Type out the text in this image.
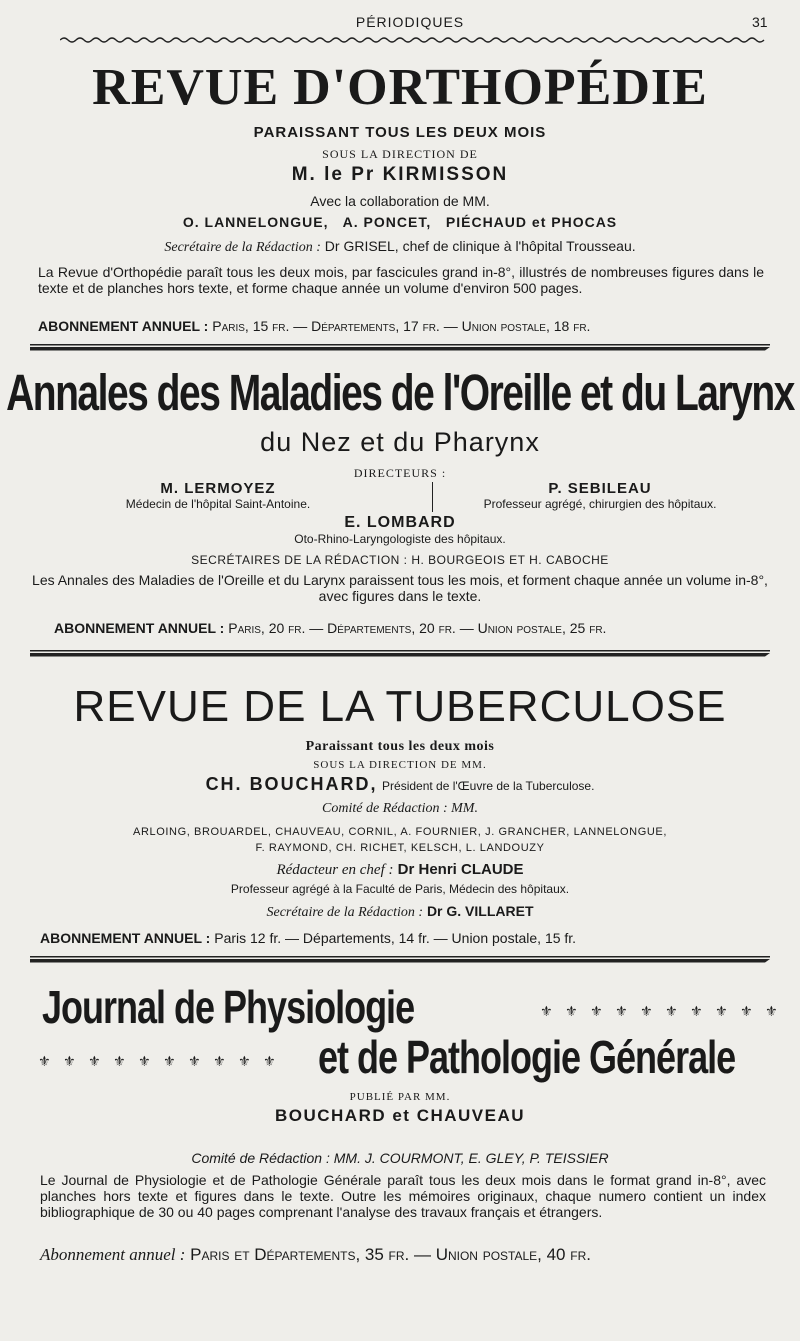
PÉRIODIQUES	31
REVUE D'ORTHOPÉDIE
PARAISSANT TOUS LES DEUX MOIS
SOUS LA DIRECTION DE
M. le Pr KIRMISSON
Avec la collaboration de MM.
O. LANNELONGUE,   A. PONCET,   PIÉCHAUD et PHOCAS
Secrétaire de la Rédaction : Dr GRISEL, chef de clinique à l'hôpital Trousseau.
La Revue d'Orthopédie paraît tous les deux mois, par fascicules grand in-8°, illustrés de nombreuses figures dans le texte et de planches hors texte, et forme chaque année un volume d'environ 500 pages.
ABONNEMENT ANNUEL : Paris, 15 fr. — Départements, 17 fr. — Union postale, 18 fr.
Annales des Maladies de l'Oreille et du Larynx
du Nez et du Pharynx
DIRECTEURS :
M. LERMOYEZ
Médecin de l'hôpital Saint-Antoine.
P. SEBILEAU
Professeur agrégé, chirurgien des hôpitaux.
E. LOMBARD
Oto-Rhino-Laryngologiste des hôpitaux.
SECRÉTAIRES DE LA RÉDACTION : H. BOURGEOIS ET H. CABOCHE
Les Annales des Maladies de l'Oreille et du Larynx paraissent tous les mois, et forment chaque année un volume in-8°, avec figures dans le texte.
ABONNEMENT ANNUEL : Paris, 20 fr. — Départements, 20 fr. — Union postale, 25 fr.
REVUE DE LA TUBERCULOSE
Paraissant tous les deux mois
SOUS LA DIRECTION DE MM.
CH. BOUCHARD, Président de l'Œuvre de la Tuberculose.
Comité de Rédaction : MM.
ARLOING, BROUARDEL, CHAUVEAU, CORNIL, A. FOURNIER, J. GRANCHER, LANNELONGUE,
F. RAYMOND, CH. RICHET, KELSCH, L. LANDOUZY
Rédacteur en chef : Dr Henri CLAUDE
Professeur agrégé à la Faculté de Paris, Médecin des hôpitaux.
Secrétaire de la Rédaction : Dr G. VILLARET
ABONNEMENT ANNUEL : Paris 12 fr. — Départements, 14 fr. — Union postale, 15 fr.
Journal de Physiologie	⚜ ⚜ ⚜ ⚜ ⚜ ⚜ ⚜ ⚜ ⚜ ⚜
⚜ ⚜ ⚜ ⚜ ⚜ ⚜ ⚜ ⚜ ⚜ ⚜ et de Pathologie Générale
PUBLIÉ PAR MM.
BOUCHARD et CHAUVEAU
Comité de Rédaction : MM. J. COURMONT, E. GLEY, P. TEISSIER
Le Journal de Physiologie et de Pathologie Générale paraît tous les deux mois dans le format grand in-8°, avec planches hors texte et figures dans le texte. Outre les mémoires originaux, chaque numero contient un index bibliographique de 30 ou 40 pages comprenant l'analyse des travaux français et étrangers.
Abonnement annuel : Paris et Départements, 35 fr. — Union postale, 40 fr.
